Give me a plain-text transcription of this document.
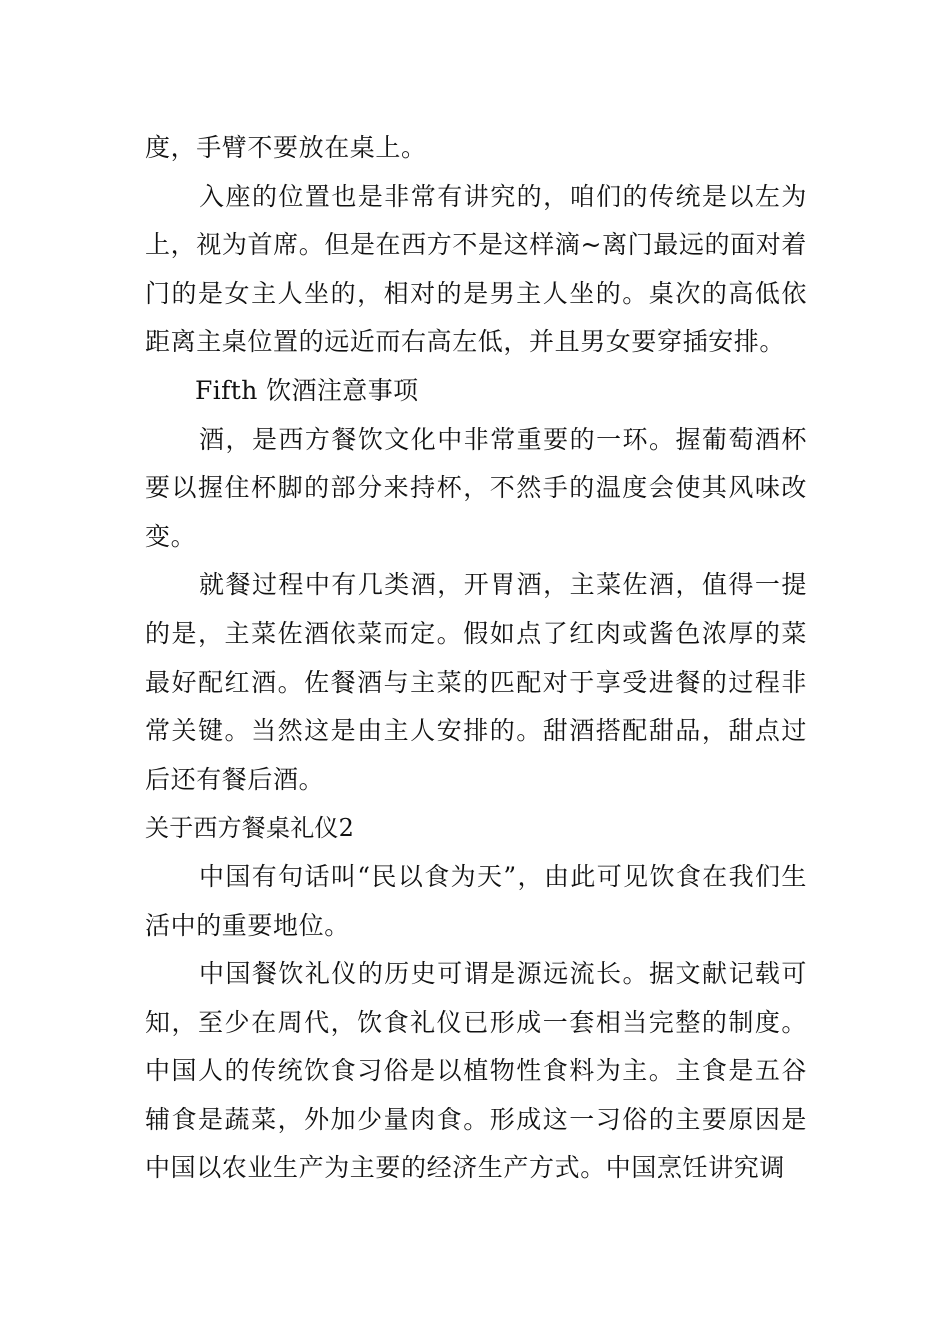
度，手臂不要放在桌上。

入座的位置也是非常有讲究的，咱们的传统是以左为上，视为首席。但是在西方不是这样滴~离门最远的面对着门的是女主人坐的，相对的是男主人坐的。桌次的高低依距离主桌位置的远近而右高左低，并且男女要穿插安排。

Fifth 饮酒注意事项

酒，是西方餐饮文化中非常重要的一环。握葡萄酒杯要以握住杯脚的部分来持杯，不然手的温度会使其风味改变。

就餐过程中有几类酒，开胃酒，主菜佐酒，值得一提的是，主菜佐酒依菜而定。假如点了红肉或酱色浓厚的菜最好配红酒。佐餐酒与主菜的匹配对于享受进餐的过程非常关键。当然这是由主人安排的。甜酒搭配甜品，甜点过后还有餐后酒。

关于西方餐桌礼仪2

中国有句话叫“民以食为天”，由此可见饮食在我们生活中的重要地位。

中国餐饮礼仪的历史可谓是源远流长。据文献记载可知，至少在周代，饮食礼仪已形成一套相当完整的制度。中国人的传统饮食习俗是以植物性食料为主。主食是五谷辅食是蔬菜，外加少量肉食。形成这一习俗的主要原因是中国以农业生产为主要的经济生产方式。中国烹饪讲究调
